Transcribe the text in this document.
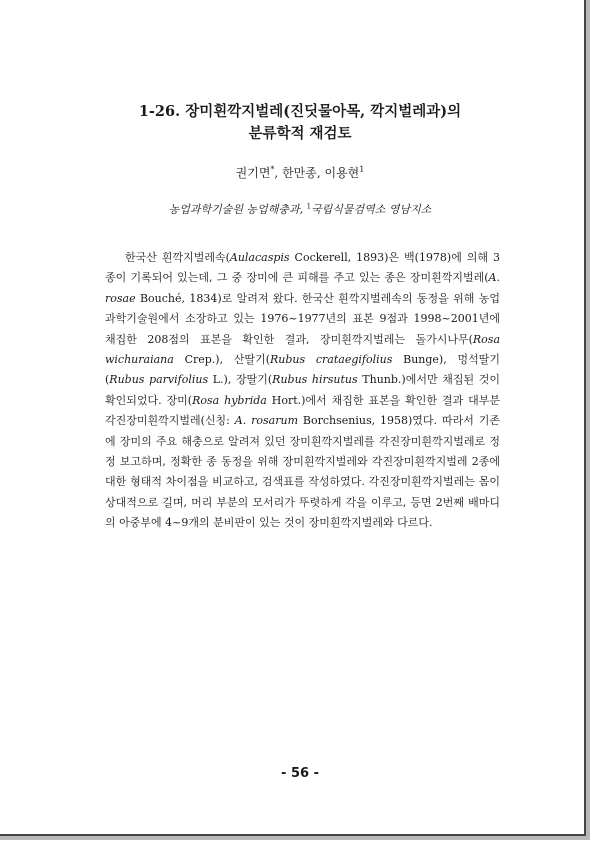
1-26. 장미흰깍지벌레(진딧물아목, 깍지벌레과)의
분류학적 재검토
권기면*, 한만종, 이용현$^1$
농업과학기술원 농업해충과, $^1$국립식물검역소 영남지소
한국산 흰깍지벌레속(Aulacaspis Cockerell, 1893)은 백(1978)에 의해 3종이 기록되어 있는데, 그 중 장미에 큰 피해를 주고 있는 종은 장미흰깍지벌레(A. rosae Bouché, 1834)로 알려져 왔다. 한국산 흰깍지벌레속의 동정을 위해 농업과학기술원에서 소장하고 있는 1976~1977년의 표본 9점과 1998~2001년에 채집한 208점의 표본을 확인한 결과, 장미흰깍지벌레는 돌가시나무(Rosa wichuraiana Crep.), 산딸기(Rubus crataegifolius Bunge), 멍석딸기(Rubus parvifolius L.), 장딸기(Rubus hirsutus Thunb.)에서만 채집된 것이 확인되었다. 장미(Rosa hybrida Hort.)에서 채집한 표본을 확인한 결과 대부분 각진장미흰깍지벌레(신칭: A. rosarum Borchsenius, 1958)였다. 따라서 기존에 장미의 주요 해충으로 알려져 있던 장미흰깍지벌레를 각진장미흰깍지벌레로 정정 보고하며, 정확한 종 동정을 위해 장미흰깍지벌레와 각진장미흰깍지벌레 2종에 대한 형태적 차이점을 비교하고, 검색표를 작성하였다. 각진장미흰깍지벌레는 몸이 상대적으로 길며, 머리 부분의 모서리가 뚜렷하게 각을 이루고, 등면 2번째 배마디의 아중부에 4~9개의 분비판이 있는 것이 장미흰깍지벌레와 다르다.
- 56 -
